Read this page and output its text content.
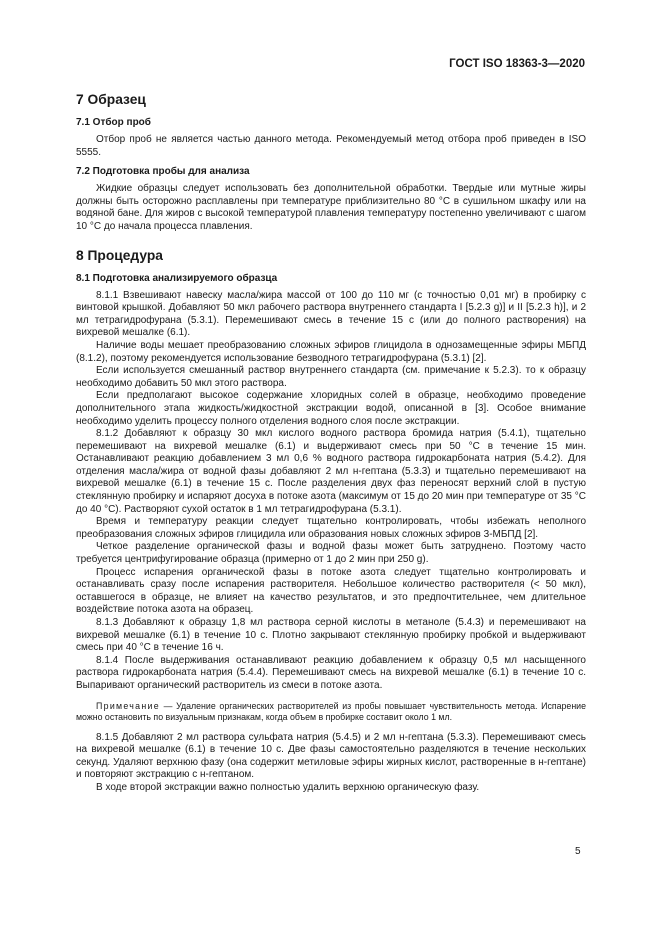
ГОСТ ISO 18363-3—2020
7 Образец
7.1 Отбор проб

Отбор проб не является частью данного метода. Рекомендуемый метод отбора проб приведен в ISO 5555.

7.2 Подготовка пробы для анализа

Жидкие образцы следует использовать без дополнительной обработки. Твердые или мутные жиры должны быть осторожно расплавлены при температуре приблизительно 80 °С в сушильном шкафу или на водяной бане. Для жиров с высокой температурой плавления температуру постепенно увеличивают с шагом 10 °С до начала процесса плавления.

8 Процедура
8.1 Подготовка анализируемого образца

8.1.1 Взвешивают навеску масла/жира массой от 100 до 110 мг (с точностью 0,01 мг) в пробирку с винтовой крышкой. Добавляют 50 мкл рабочего раствора внутреннего стандарта I [5.2.3 g)] и II [5.2.3 h)], и 2 мл тетрагидрофурана (5.3.1). Перемешивают смесь в течение 15 с (или до полного растворения) на вихревой мешалке (6.1).

Наличие воды мешает преобразованию сложных эфиров глицидола в однозамещенные эфиры МБПД (8.1.2), поэтому рекомендуется использование безводного тетрагидрофурана (5.3.1) [2].

Если используется смешанный раствор внутреннего стандарта (см. примечание к 5.2.3). то к образцу необходимо добавить 50 мкл этого раствора.

Если предполагают высокое содержание хлоридных солей в образце, необходимо проведение дополнительного этапа жидкость/жидкостной экстракции водой, описанной в [3]. Особое внимание необходимо уделить процессу полного отделения водного слоя после экстракции.

8.1.2 Добавляют к образцу 30 мкл кислого водного раствора бромида натрия (5.4.1), тщательно перемешивают на вихревой мешалке (6.1) и выдерживают смесь при 50 °С в течение 15 мин. Останавливают реакцию добавлением 3 мл 0,6 % водного раствора гидрокарбоната натрия (5.4.2). Для отделения масла/жира от водной фазы добавляют 2 мл н-гептана (5.3.3) и тщательно перемешивают на вихревой мешалке (6.1) в течение 15 с. После разделения двух фаз переносят верхний слой в пустую стеклянную пробирку и испаряют досуха в потоке азота (максимум от 15 до 20 мин при температуре от 35 °С до 40 °С). Растворяют сухой остаток в 1 мл тетрагидрофурана (5.3.1).

Время и температуру реакции следует тщательно контролировать, чтобы избежать неполного преобразования сложных эфиров глицидила или образования новых сложных эфиров 3-МБПД [2].

Четкое разделение органической фазы и водной фазы может быть затруднено. Поэтому часто требуется центрифугирование образца (примерно от 1 до 2 мин при 250 g).

Процесс испарения органической фазы в потоке азота следует тщательно контролировать и останавливать сразу после испарения растворителя. Небольшое количество растворителя (< 50 мкл), оставшегося в образце, не влияет на качество результатов, и это предпочтительнее, чем длительное воздействие потока азота на образец.

8.1.3 Добавляют к образцу 1,8 мл раствора серной кислоты в метаноле (5.4.3) и перемешивают на вихревой мешалке (6.1) в течение 10 с. Плотно закрывают стеклянную пробирку пробкой и выдерживают смесь при 40 °С в течение 16 ч.

8.1.4 После выдерживания останавливают реакцию добавлением к образцу 0,5 мл насыщенного раствора гидрокарбоната натрия (5.4.4). Перемешивают смесь на вихревой мешалке (6.1) в течение 10 с. Выпаривают органический растворитель из смеси в потоке азота.

Примечание — Удаление органических растворителей из пробы повышает чувствительность метода. Испарение можно остановить по визуальным признакам, когда объем в пробирке составит около 1 мл.

8.1.5 Добавляют 2 мл раствора сульфата натрия (5.4.5) и 2 мл н-гептана (5.3.3). Перемешивают смесь на вихревой мешалке (6.1) в течение 10 с. Две фазы самостоятельно разделяются в течение нескольких секунд. Удаляют верхнюю фазу (она содержит метиловые эфиры жирных кислот, растворенные в н-гептане) и повторяют экстракцию с н-гептаном.

В ходе второй экстракции важно полностью удалить верхнюю органическую фазу.

5
